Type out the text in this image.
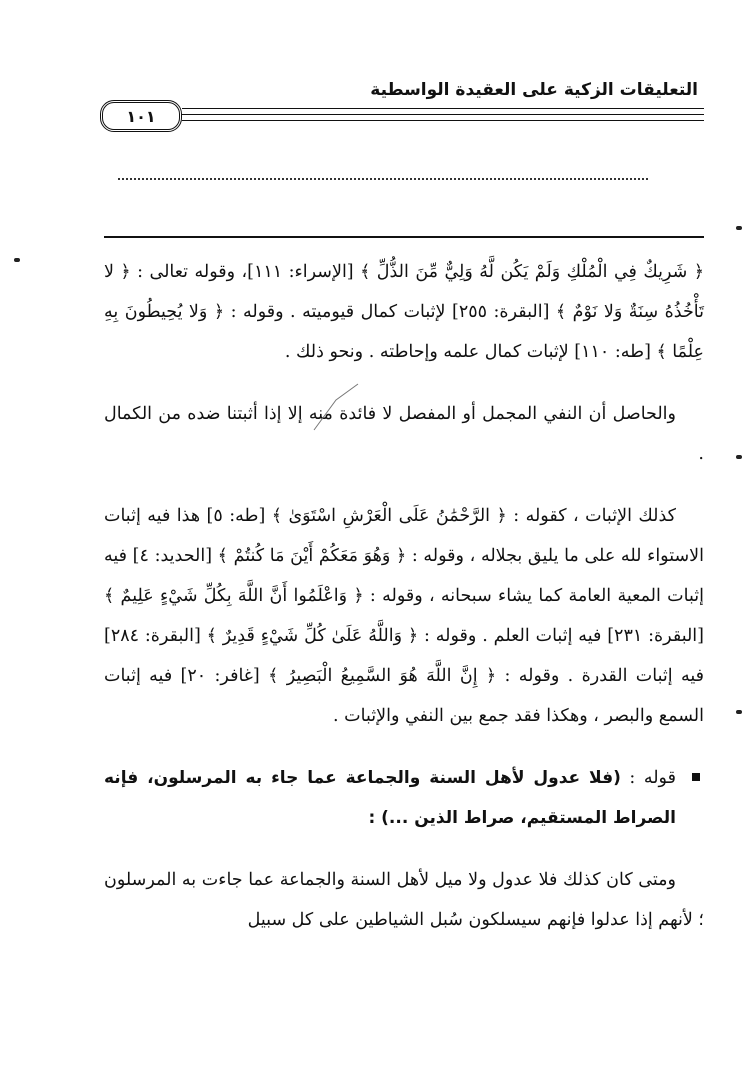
التعليقات الزكية على العقيدة الواسطية
١٠١

﴿ شَرِيكٌ فِي الْمُلْكِ وَلَمْ يَكُن لَّهُ وَلِيٌّ مِّنَ الذُّلِّ ﴾ [الإسراء: ١١١]، وقوله تعالى : ﴿ لا تَأْخُذُهُ سِنَةٌ وَلا نَوْمٌ ﴾ [البقرة: ٢٥٥] لإثبات كمال قيوميته . وقوله : ﴿ وَلا يُحِيطُونَ بِهِ عِلْمًا ﴾ [طه: ١١٠] لإثبات كمال علمه وإحاطته . ونحو ذلك .

والحاصل أن النفي المجمل أو المفصل لا فائدة منه إلا إذا أثبتنا ضده من الكمال .

كذلك الإثبات ، كقوله : ﴿ الرَّحْمَٰنُ عَلَى الْعَرْشِ اسْتَوَىٰ ﴾ [طه: ٥] هذا فيه إثبات الاستواء لله على ما يليق بجلاله ، وقوله : ﴿ وَهُوَ مَعَكُمْ أَيْنَ مَا كُنتُمْ ﴾ [الحديد: ٤] فيه إثبات المعية العامة كما يشاء سبحانه ، وقوله : ﴿ وَاعْلَمُوا أَنَّ اللَّهَ بِكُلِّ شَيْءٍ عَلِيمٌ ﴾ [البقرة: ٢٣١] فيه إثبات العلم . وقوله : ﴿ وَاللَّهُ عَلَىٰ كُلِّ شَيْءٍ قَدِيرٌ ﴾ [البقرة: ٢٨٤] فيه إثبات القدرة . وقوله : ﴿ إِنَّ اللَّهَ هُوَ السَّمِيعُ الْبَصِيرُ ﴾ [غافر: ٢٠] فيه إثبات السمع والبصر ، وهكذا فقد جمع بين النفي والإثبات .

قوله : (فلا عدول لأهل السنة والجماعة عما جاء به المرسلون، فإنه الصراط المستقيم، صراط الذين ...) :

ومتى كان كذلك فلا عدول ولا ميل لأهل السنة والجماعة عما جاءت به المرسلون ؛ لأنهم إذا عدلوا فإنهم سيسلكون سُبل الشياطين على كل سبيل
